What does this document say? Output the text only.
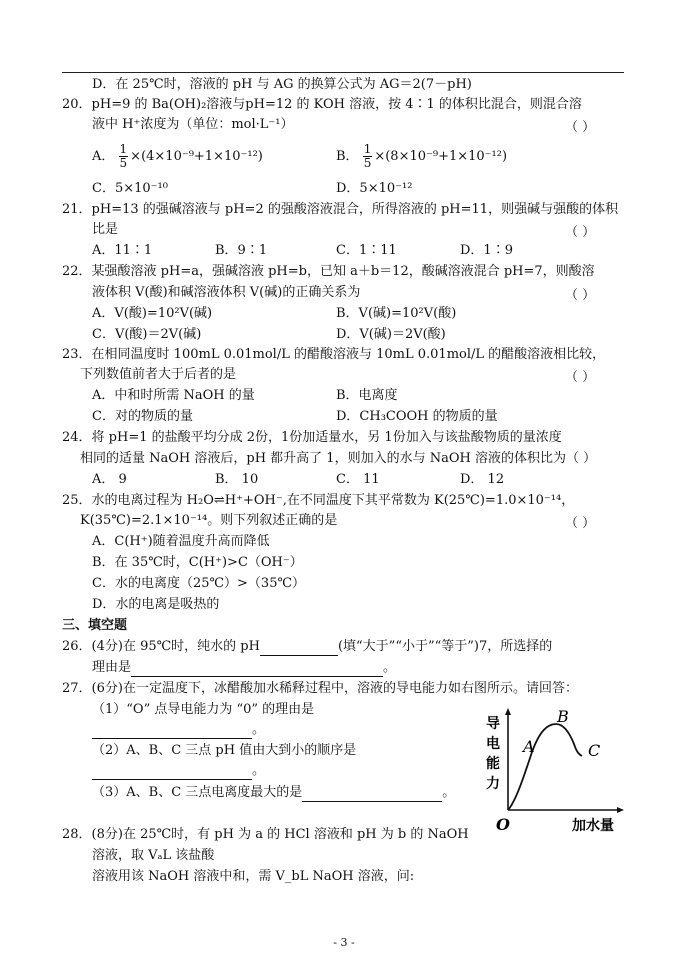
D．在 25℃时，溶液的 pH 与 AG 的换算公式为 AG＝2(7－pH)
20．pH=9 的 Ba(OH)₂溶液与pH=12 的 KOH 溶液，按 4∶1 的体积比混合，则混合溶
液中 H⁺浓度为（单位：mol·L⁻¹）	（ ）
A． $\frac{1}{5} \times(4\times 10^{-9}+1\times 10^{-12})$	B． $\frac{1}{5} \times(8\times 10^{-9}+1\times 10^{-12})$
C．5×10⁻¹⁰	D．5×10⁻¹²
21．pH=13 的强碱溶液与 pH=2 的强酸溶液混合，所得溶液的 pH=11，则强碱与强酸的体积
比是	（ ）
A．11∶1	B．9∶1	C．1∶11	D．1∶9
22．某强酸溶液 pH=a，强碱溶液 pH=b，已知 a＋b＝12，酸碱溶液混合 pH=7，则酸溶
液体积 V(酸)和碱溶液体积 V(碱)的正确关系为	（ ）
A．V(酸)=10²V(碱)	B．V(碱)=10²V(酸)
C．V(酸)＝2V(碱)	D．V(碱)＝2V(酸)
23．在相同温度时 100mL 0.01mol/L 的醋酸溶液与 10mL 0.01mol/L 的醋酸溶液相比较，
下列数值前者大于后者的是	（ ）
A．中和时所需 NaOH 的量	B．电离度
C．对的物质的量	D．CH₃COOH 的物质的量
24．将 pH=1 的盐酸平均分成 2份，1份加适量水，另 1份加入与该盐酸物质的量浓度
相同的适量 NaOH 溶液后，pH 都升高了 1，则加入的水与 NaOH 溶液的体积比为（ ）
A． 9	B． 10	C． 11	D． 12
25．水的电离过程为 H₂O⇌H⁺+OH⁻,在不同温度下其平常数为 K(25℃)=1.0×10⁻¹⁴，
K(35℃)=2.1×10⁻¹⁴。则下列叙述正确的是	（ ）
A．C(H⁺)随着温度升高而降低
B．在 35℃时，C(H⁺)>C（OH⁻）
C．水的电离度（25℃）>（35℃）
D．水的电离是吸热的
三、填空题
26．(4分)在 95℃时，纯水的 pH	(填“大于”“小于”“等于”)7，所选择的
理由是	。
27．(6分)在一定温度下，冰醋酸加水稀释过程中，溶液的导电能力如右图所示。请回答：
（1）“O” 点导电能力为 “0” 的理由是
。
（2）A、B、C 三点 pH 值由大到小的顺序是
。
（3）A、B、C 三点电离度最大的是	。
导
电
能
力
O	加水量
A
B
C
28．(8分)在 25℃时，有 pH 为 a 的 HCl 溶液和 pH 为 b 的 NaOH
溶液，取 VₐL 该盐酸
溶液用该 NaOH 溶液中和，需 V_bL NaOH 溶液，问:
- 3 -
